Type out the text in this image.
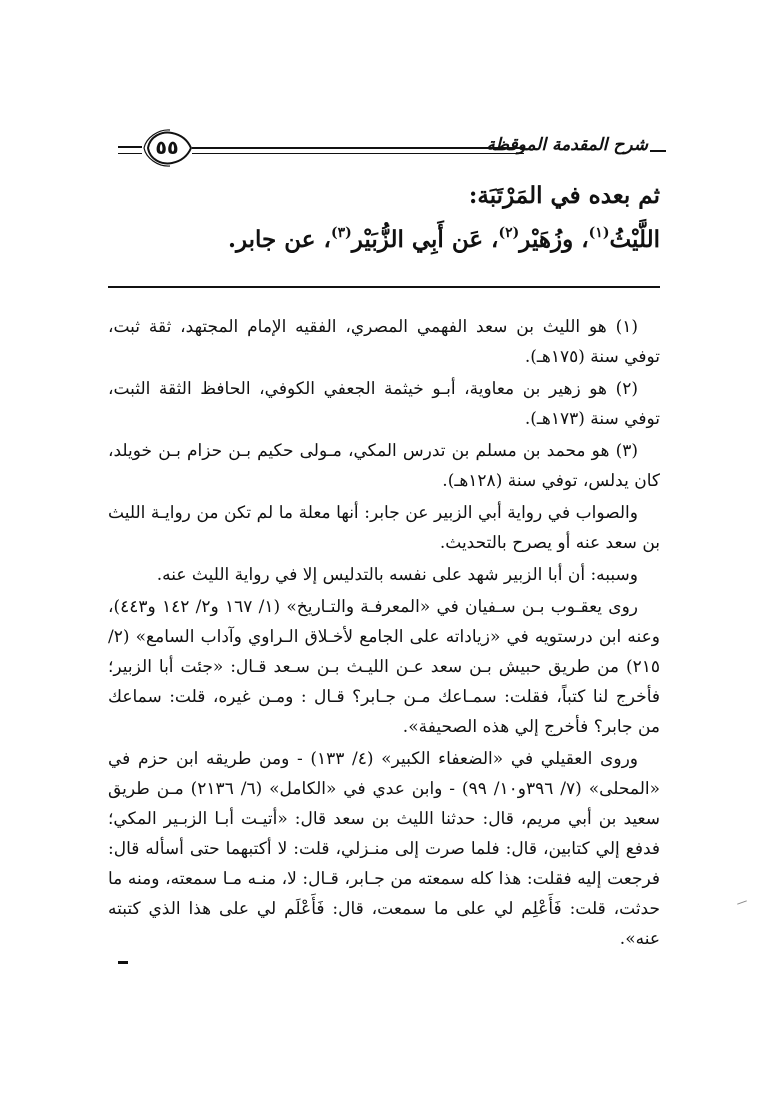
٥٥	شرح المقدمة الموقظة
ثم بعده في المَرْتَبَة:
اللَّيْثُ$^{(١)}$، وزُهَيْر$^{(٢)}$، عَن أَبِي الزُّبَيْر$^{(٣)}$، عن جابر.

(١) هو الليث بن سعد الفهمي المصري، الفقيه الإمام المجتهد، ثقة ثبت، توفي سنة (١٧٥هـ).

(٢) هو زهير بن معاوية، أبـو خيثمة الجعفي الكوفي، الحافظ الثقة الثبت، توفي سنة (١٧٣هـ).

(٣) هو محمد بن مسلم بن تدرس المكي، مـولى حكيم بـن حزام بـن خويلد، كان يدلس، توفي سنة (١٢٨هـ).

والصواب في رواية أبي الزبير عن جابر: أنها معلة ما لم تكن من روايـة الليث بن سعد عنه أو يصرح بالتحديث.

وسببه: أن أبا الزبير شهد على نفسه بالتدليس إلا في رواية الليث عنه.

روى يعقـوب بـن سـفيان في «المعرفـة والتـاريخ» (١/ ١٦٧ و٢/ ١٤٢ و٤٤٣)، وعنه ابن درستويه في «زياداته على الجامع لأخـلاق الـراوي وآداب السامع» (٢/ ٢١٥) من طريق حبيش بـن سعد عـن الليـث بـن سـعد قـال: «جئت أبا الزبير؛ فأخرج لنا كتباً، فقلت: سمـاعك مـن جـابر؟ قـال : ومـن غيره، قلت: سماعك من جابر؟ فأخرج إلي هذه الصحيفة».

وروى العقيلي في «الضعفاء الكبير» (٤/ ١٣٣) - ومن طريقه ابن حزم في «المحلى» (٧/ ٣٩٦و١٠/ ٩٩) - وابن عدي في «الكامل» (٦/ ٢١٣٦) مـن طريق سعيد بن أبي مريم، قال: حدثنا الليث بن سعد قال: «أتيـت أبـا الزبـير المكي؛ فدفع إلي كتابين، قال: فلما صرت إلى منـزلي، قلت: لا أكتبهما حتى أسأله قال: فرجعت إليه فقلت: هذا كله سمعته من جـابر، قـال: لا، منـه مـا سمعته، ومنه ما حدثت، قلت: فَأَعْلِم لي على ما سمعت، قال: فَأَعْلَم لي على هذا الذي كتبته عنه».
